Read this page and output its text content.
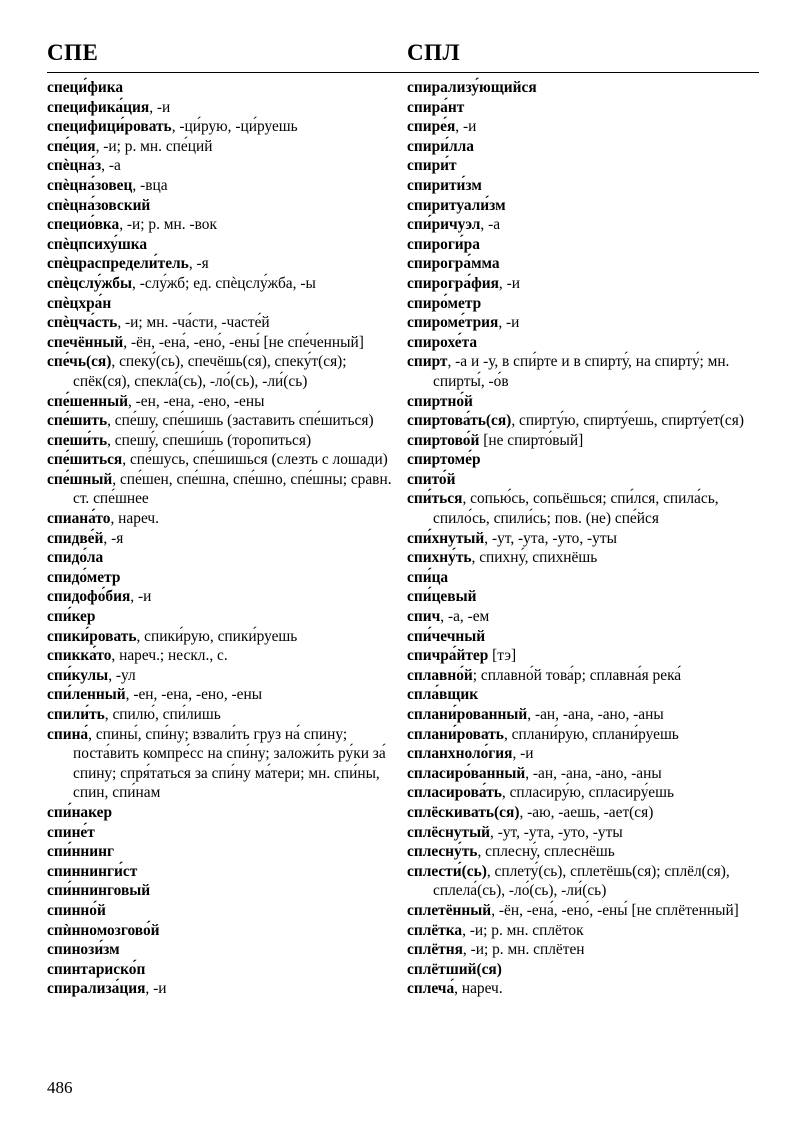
СПЕ	СПЛ

специ́фика

специфика́ция, -и

специфици́ровать, -ци́рую, -ци́руешь

спе́ция, -и; р. мн. спе́ций

спѐцна́з, -а

спѐцна́зовец, -вца

спѐцна́зовский

специо́вка, -и; р. мн. -вок

спѐцпсиху́шка

спѐцраспредели́тель, -я

спѐцслу́жбы, -слу́жб; ед. спѐцслу́жба, -ы

спѐцхра́н

спѐцча́сть, -и; мн. -ча́сти, -часте́й

спечённый, -ён, -ена́, -ено́, -ены́ [не спе́ченный]

спе́чь(ся), спеку́(сь), спечёшь(ся), спеку́т(ся); спёк(ся), спекла́(сь), -ло́(сь), -ли́(сь)

спе́шенный, -ен, -ена, -ено, -ены

спе́шить, спе́шу, спе́шишь (заставить спе́шиться)

спеши́ть, спешу́, спеши́шь (торопиться)

спе́шиться, спе́шусь, спе́шишься (слезть с лошади)

спе́шный, спе́шен, спе́шна, спе́шно, спе́шны; сравн. ст. спе́шнее

спиана́то, нареч.

спидве́й, -я

спидо́ла

спидо́метр

спидофо́бия, -и

спи́кер

спики́ровать, спики́рую, спики́руешь

спикка́то, нареч.; нескл., с.

спи́кулы, -ул

спи́ленный, -ен, -ена, -ено, -ены

спили́ть, спилю́, спи́лишь

спина́, спины́, спи́ну; взвали́ть груз на́ спину; поста́вить компре́сс на спи́ну; заложи́ть ру́ки за́ спину; спря́таться за спи́ну ма́тери; мн. спи́ны, спин, спи́нам

спи́накер

спине́т

спи́ннинг

спиннинги́ст

спи́ннинговый

спинно́й

спѝнномозгово́й

спинози́зм

спинтариско́п

спирализа́ция, -и

спирализу́ющийся

спира́нт

спире́я, -и

спири́лла

спири́т

спирити́зм

спиритуали́зм

спи́ричуэл, -а

спироги́ра

спирогра́мма

спирогра́фия, -и

спиро́метр

спироме́трия, -и

спирохе́та

спирт, -а и -у, в спи́рте и в спирту́, на спирту́; мн. спирты́, -о́в

спиртно́й

спиртова́ть(ся), спирту́ю, спирту́ешь, спирту́ет(ся)

спиртово́й [не спирто́вый]

спиртоме́р

спито́й

спи́ться, сопью́сь, сопьёшься; спи́лся, спила́сь, спило́сь, спили́сь; пов. (не) спе́йся

спи́хнутый, -ут, -ута, -уто, -уты

спихну́ть, спихну́, спихнёшь

спи́ца

спи́цевый

спич, -а, -ем

спи́чечный

спичра́йтер [тэ]

сплавно́й; сплавно́й това́р; сплавна́я река́

спла́вщик

сплани́рованный, -ан, -ана, -ано, -аны

сплани́ровать, сплани́рую, сплани́руешь

спланхноло́гия, -и

спласиро́ванный, -ан, -ана, -ано, -аны

спласирова́ть, спласиру́ю, спласиру́ешь

сплёскивать(ся), -аю, -аешь, -ает(ся)

сплёснутый, -ут, -ута, -уто, -уты

сплесну́ть, сплесну́, сплеснёшь

сплести́(сь), сплету́(сь), сплетёшь(ся); сплёл(ся), сплела́(сь), -ло́(сь), -ли́(сь)

сплетённый, -ён, -ена́, -ено́, -ены́ [не сплётенный]

сплётка, -и; р. мн. сплёток

сплётня, -и; р. мн. сплётен

сплётший(ся)

сплеча́, нареч.

486
